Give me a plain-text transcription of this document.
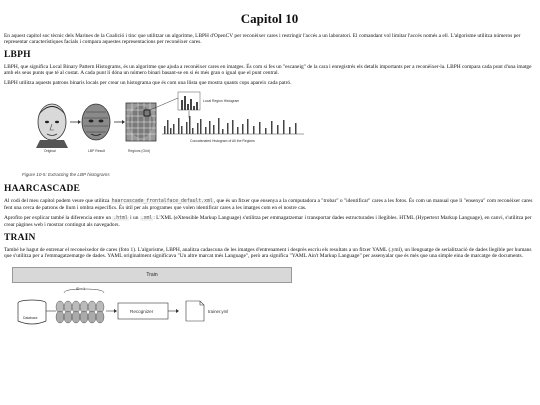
Capitol 10

En aquest capítol soc tècnic dels Marines de la Coalició i tinc que utilitzar un algoritme, LBPH d'OpenCV per reconèixer cares i restringir l'accés a un laboratori. El comandant vol limitar l'accés només a ell. L'algorisme utilitza números per representar característiques facials i compara aquestes representacions per reconèixer cares.

LBPH

LBPH, que significa Local Binary Pattern Histograms, és un algoritme que ajuda a reconèixer cares en imatges. És com si fes un "escaneig" de la cara i enregistrés els detalls importants per a reconèixer-la. LBPH compara cada punt d'una imatge amb els seus punts que té al costat. A cada punt li dóna un número binari basant-se en si és més gran o igual que el punt central.

LBPH utilitza aquests patrons binaris locals per crear un histograma que és com una llista que mostra quants cops apareix cada patró.

Local Region Histogram
Concatenated Histogram of All the Regions
Original	LBP Result	Regions (Grid)
Figure 10-5: Extracting the LBP histograms
HAARCASCADE

Al codi del meu capítol podem veure que utilitza haarcascade_frontalface_default.xml, que és un fitxer que ensenya a la computadora a "trobar" o "identificar" cares a les fotos. És com un manual que li "ensenya" com reconèixer cares fent una cerca de patrons de llum i ombra específics. És útil per als programes que volen identificar cares a les imatges com en el nostre cas.

Aprofito per explicar també la diferencia entre un .html i un .xml: L'XML (eXtensible Markup Language) s'utilitza per emmagatzemar i transportar dades estructurades i llegibles. HTML (Hypertext Markup Language), en canvi, s'utilitza per crear pàgines web i mostrar contingut als navegadors.

TRAIN

També he hagut de entrenar el reconeixedor de cares (foto 1). L'algorisme, LBPH, analitza cadascuna de les imatges d'entrenament i desprès escriu els resultats a un fitxer YAML (.yml), un llenguatge de serialització de dades llegible per humans que s'utilitza per a l'emmagatzematge de dades. YAML originalment significava "Un altre marcat més Language", però ara significa "YAML Ain't Markup Language" per assenyalar que és més que una simple eina de marcatge de documents.

Train
ID = 1
Database
Recognizer	trainer.yml
